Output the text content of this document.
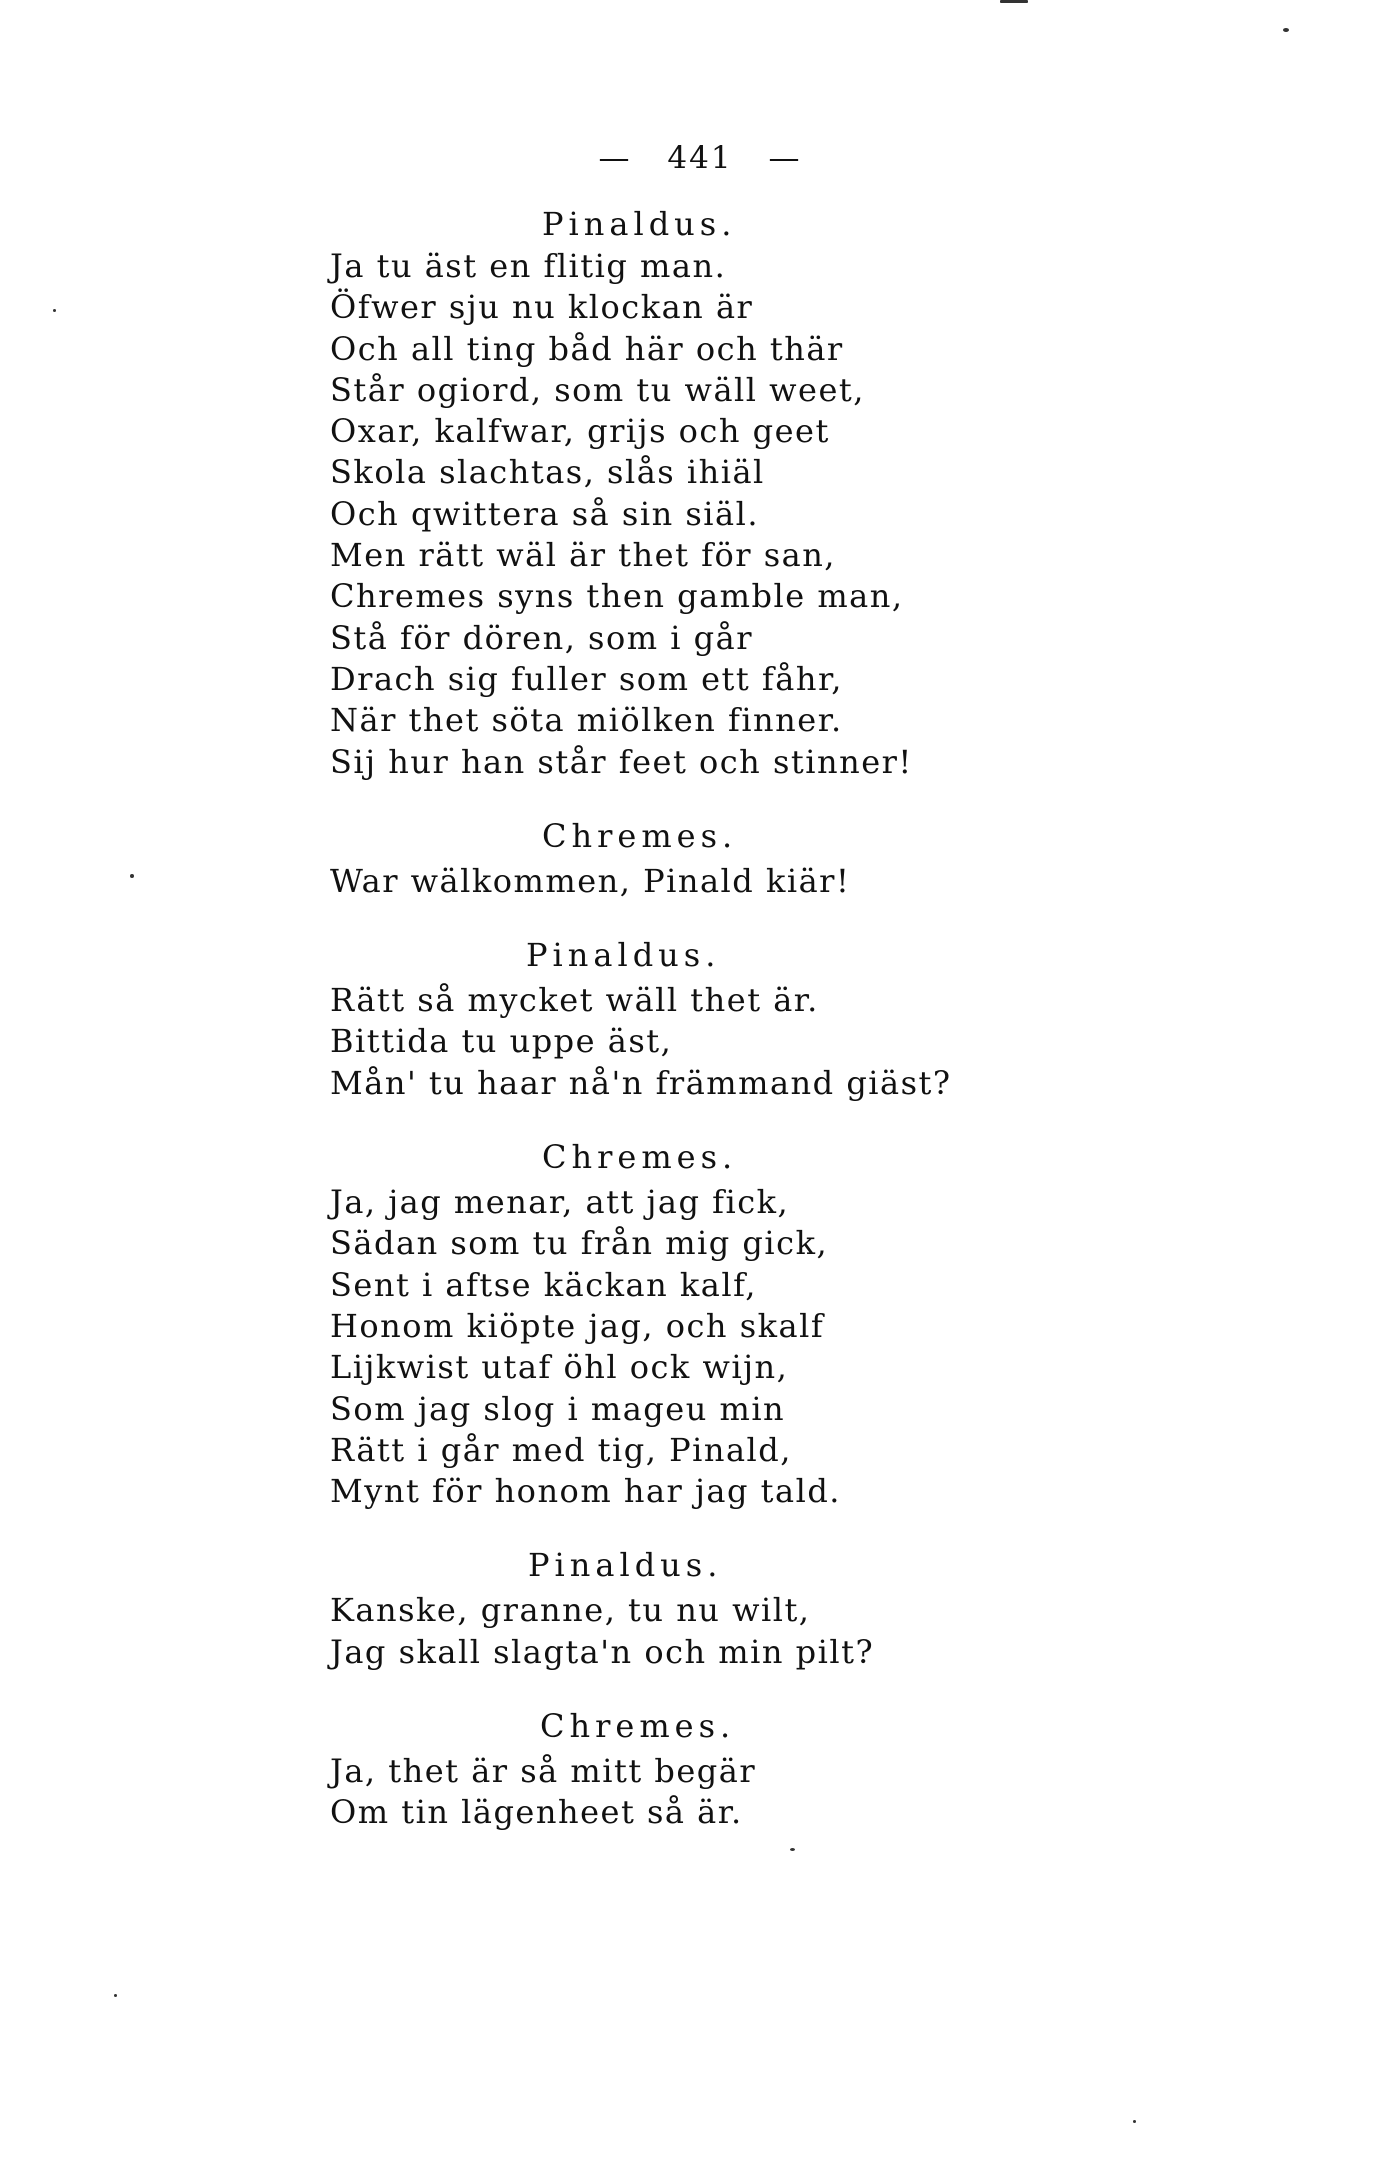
— 441 —
Pinaldus.
Ja tu äst en flitig man.
Öfwer sju nu klockan är
Och all ting båd här och thär
Står ogiord, som tu wäll weet,
Oxar, kalfwar, grijs och geet
Skola slachtas, slås ihiäl
Och qwittera så sin siäl.
Men rätt wäl är thet för san,
Chremes syns then gamble man,
Stå för dören, som i går
Drach sig fuller som ett fåhr,
När thet söta miölken finner.
Sij hur han står feet och stinner!
Chremes.
War wälkommen, Pinald kiär!
Pinaldus.
Rätt så mycket wäll thet är.
Bittida tu uppe äst,
Mån' tu haar nå'n främmand giäst?
Chremes.
Ja, jag menar, att jag fick,
Sädan som tu från mig gick,
Sent i aftse käckan kalf,
Honom kiöpte jag, och skalf
Lijkwist utaf öhl ock wijn,
Som jag slog i mageu min
Rätt i går med tig, Pinald,
Mynt för honom har jag tald.
Pinaldus.
Kanske, granne, tu nu wilt,
Jag skall slagta'n och min pilt?
Chremes.
Ja, thet är så mitt begär
Om tin lägenheet så är.
